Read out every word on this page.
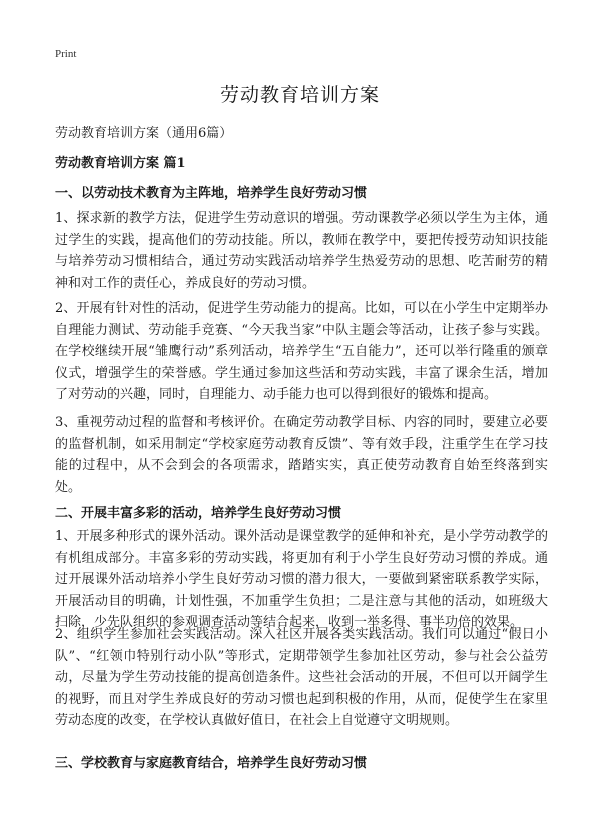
Print
劳动教育培训方案
劳动教育培训方案（通用6篇）
劳动教育培训方案 篇1
一、以劳动技术教育为主阵地，培养学生良好劳动习惯
1、探求新的教学方法，促进学生劳动意识的增强。劳动课教学必须以学生为主体，通过学生的实践，提高他们的劳动技能。所以，教师在教学中，要把传授劳动知识技能与培养劳动习惯相结合，通过劳动实践活动培养学生热爱劳动的思想、吃苦耐劳的精神和对工作的责任心，养成良好的劳动习惯。
2、开展有针对性的活动，促进学生劳动能力的提高。比如，可以在小学生中定期举办自理能力测试、劳动能手竞赛、“今天我当家”中队主题会等活动，让孩子参与实践。在学校继续开展“雏鹰行动”系列活动，培养学生“五自能力”，还可以举行隆重的颁章仪式，增强学生的荣誉感。学生通过参加这些活和劳动实践，丰富了课余生活，增加了对劳动的兴趣，同时，自理能力、动手能力也可以得到很好的锻炼和提高。
3、重视劳动过程的监督和考核评价。在确定劳动教学目标、内容的同时，要建立必要的监督机制，如采用制定“学校家庭劳动教育反馈”、等有效手段，注重学生在学习技能的过程中，从不会到会的各项需求，踏踏实实，真正使劳动教育自始至终落到实处。
二、开展丰富多彩的活动，培养学生良好劳动习惯
1、开展多种形式的课外活动。课外活动是课堂教学的延伸和补充，是小学劳动教学的有机组成部分。丰富多彩的劳动实践，将更加有利于小学生良好劳动习惯的养成。通过开展课外活动培养小学生良好劳动习惯的潜力很大，一要做到紧密联系教学实际，开展活动目的明确，计划性强，不加重学生负担；二是注意与其他的活动，如班级大扫除，少先队组织的参观调查活动等结合起来，收到一举多得、事半功倍的效果。
2、组织学生参加社会实践活动。深入社区开展各类实践活动。我们可以通过“假日小队”、“红领巾特别行动小队”等形式，定期带领学生参加社区劳动，参与社会公益劳动，尽量为学生劳动技能的提高创造条件。这些社会活动的开展，不但可以开阔学生的视野，而且对学生养成良好的劳动习惯也起到积极的作用，从而，促使学生在家里劳动态度的改变，在学校认真做好值日，在社会上自觉遵守文明规则。
三、学校教育与家庭教育结合，培养学生良好劳动习惯
